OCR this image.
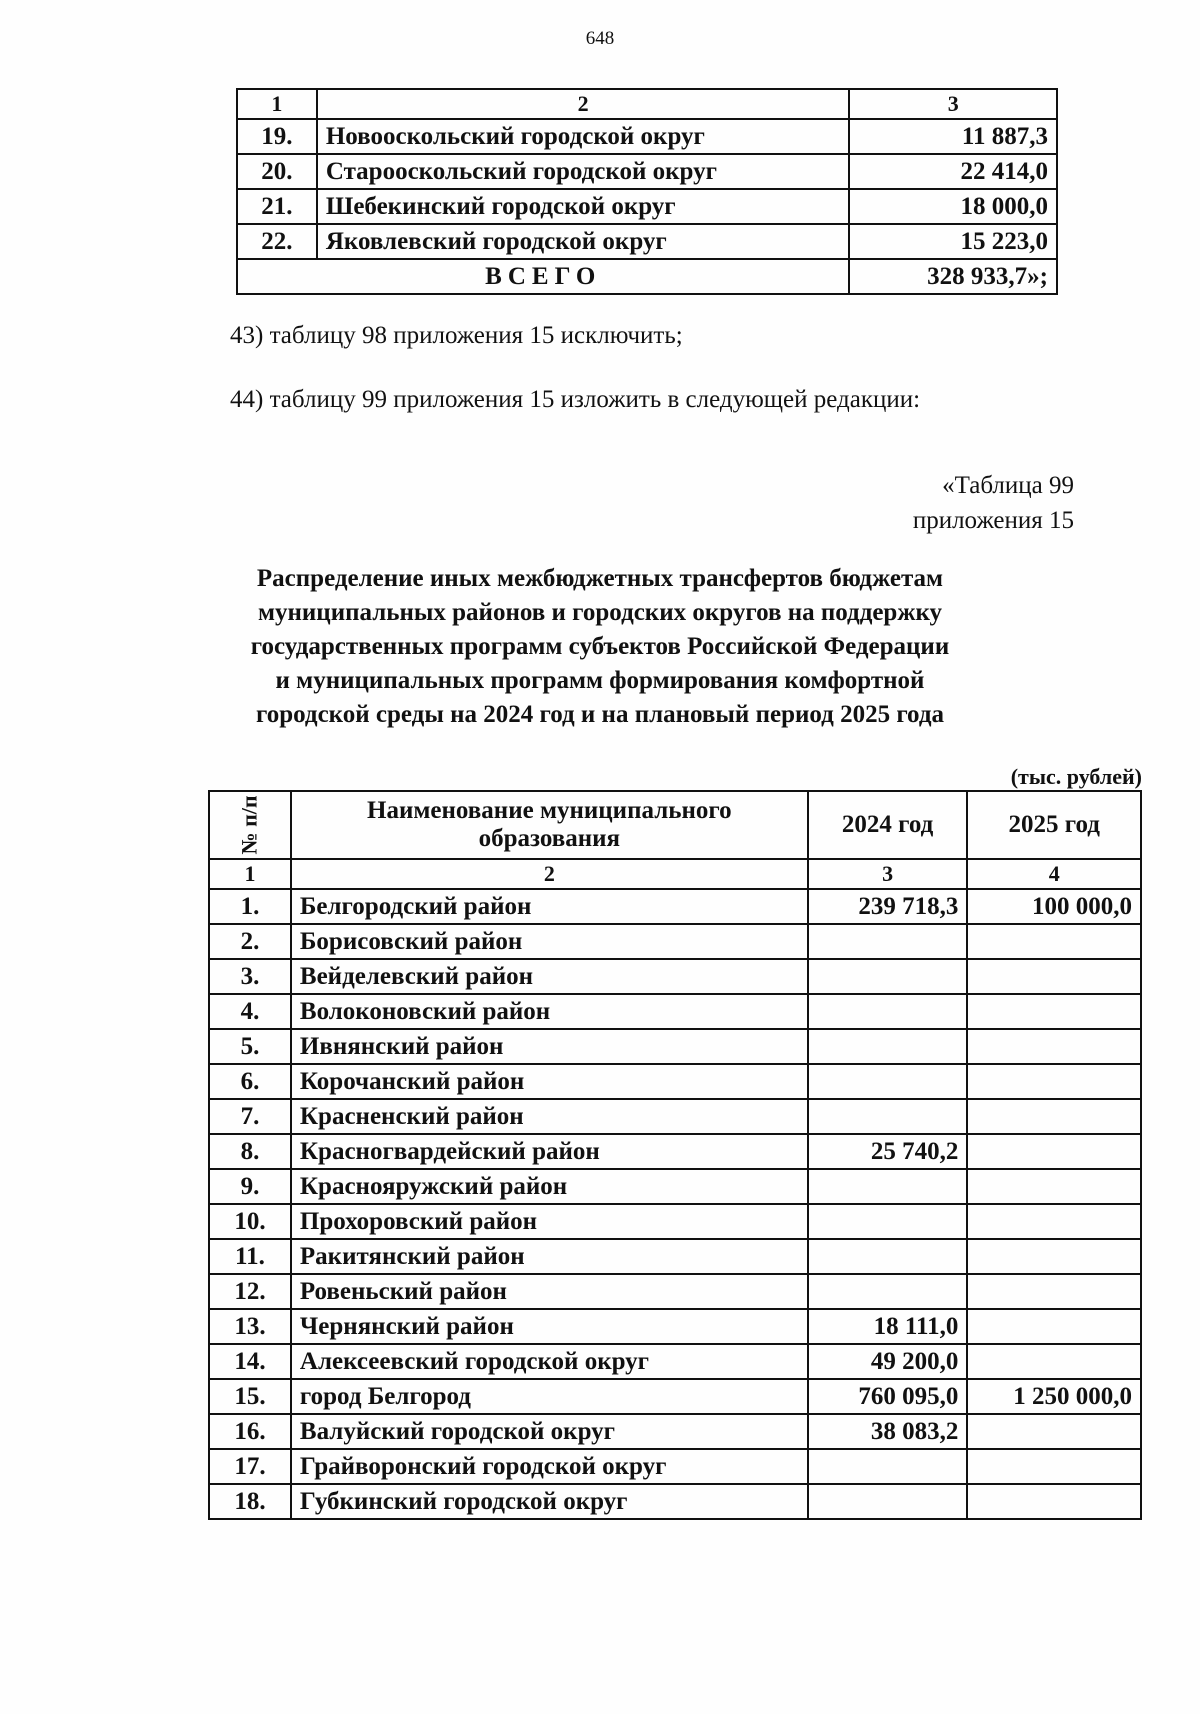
648
1	2	3
19.	Новооскольский городской округ	11 887,3
20.	Старооскольский городской округ	22 414,0
21.	Шебекинский городской округ	18 000,0
22.	Яковлевский городской округ	15 223,0
ВСЕГО		328 933,7»;
43) таблицу 98 приложения 15 исключить;
44) таблицу 99 приложения 15 изложить в следующей редакции:
«Таблица 99
приложения 15
Распределение иных межбюджетных трансфертов бюджетам
муниципальных районов и городских округов на поддержку
государственных программ субъектов Российской Федерации
и муниципальных программ формирования комфортной
городской среды на 2024 год и на плановый период 2025 года
(тыс. рублей)
№ п/п	Наименование муниципального образования	2024 год	2025 год
1	2	3	4
1.	Белгородский район	239 718,3	100 000,0
2.	Борисовский район		
3.	Вейделевский район		
4.	Волоконовский район		
5.	Ивнянский район		
6.	Корочанский район		
7.	Красненский район		
8.	Красногвардейский район	25 740,2	
9.	Краснояружский район		
10.	Прохоровский район		
11.	Ракитянский район		
12.	Ровеньский район		
13.	Чернянский район	18 111,0	
14.	Алексеевский городской округ	49 200,0	
15.	город Белгород	760 095,0	1 250 000,0
16.	Валуйский городской округ	38 083,2	
17.	Грайворонский городской округ		
18.	Губкинский городской округ		
